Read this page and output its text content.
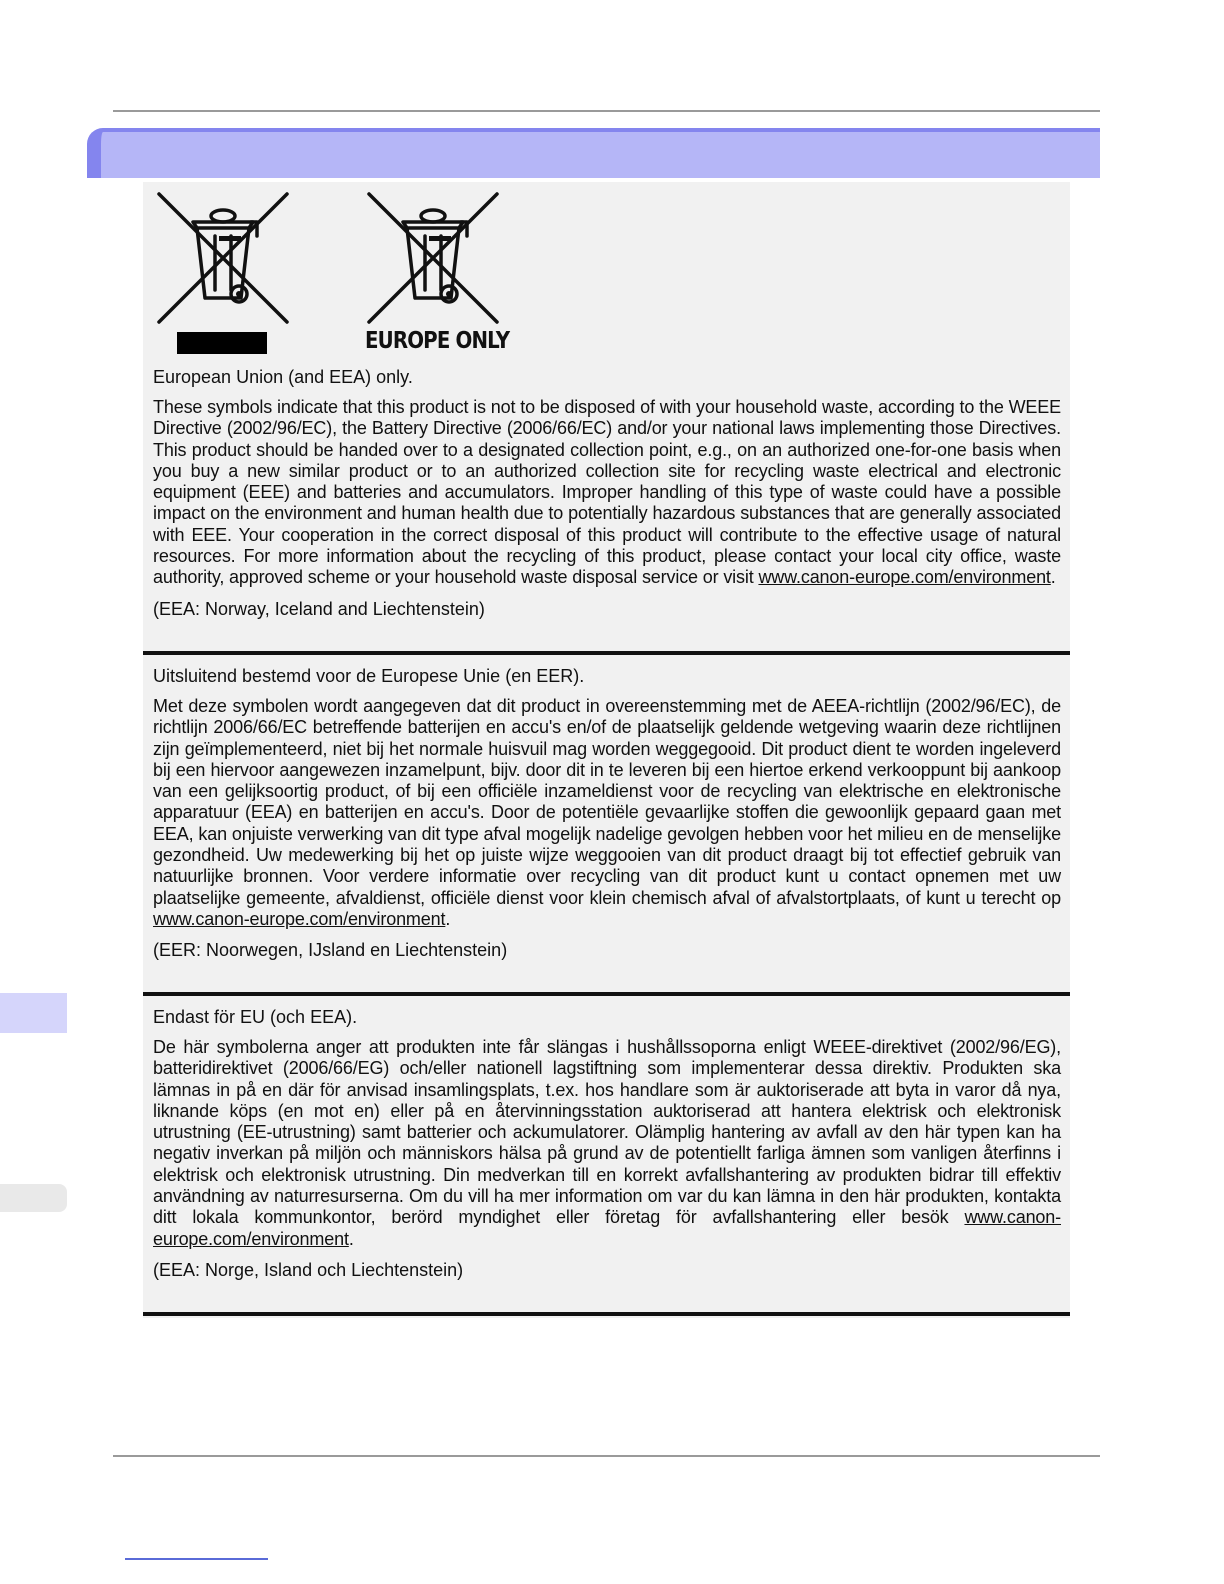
EUROPE ONLY

European Union (and EEA) only.

These symbols indicate that this product is not to be disposed of with your household waste, according to the WEEE Directive (2002/96/EC), the Battery Directive (2006/66/EC) and/or your national laws implementing those Directives. This product should be handed over to a designated collection point, e.g., on an authorized one-for-one basis when you buy a new similar product or to an authorized collection site for recycling waste electrical and electronic equipment (EEE) and batteries and accumulators. Improper handling of this type of waste could have a possible impact on the environment and human health due to potentially hazardous substances that are generally associated with EEE. Your cooperation in the correct disposal of this product will contribute to the effective usage of natural resources. For more information about the recycling of this product, please contact your local city office, waste authority, approved scheme or your household waste disposal service or visit www.canon-europe.com/environment.

(EEA: Norway, Iceland and Liechtenstein)

Uitsluitend bestemd voor de Europese Unie (en EER).

Met deze symbolen wordt aangegeven dat dit product in overeenstemming met de AEEA-richtlijn (2002/96/EC), de richtlijn 2006/66/EC betreffende batterijen en accu's en/of de plaatselijk geldende wetgeving waarin deze richtlijnen zijn geïmplementeerd, niet bij het normale huisvuil mag worden weggegooid. Dit product dient te worden ingeleverd bij een hiervoor aangewezen inzamelpunt, bijv. door dit in te leveren bij een hiertoe erkend verkooppunt bij aankoop van een gelijksoortig product, of bij een officiële inzameldienst voor de recycling van elektrische en elektronische apparatuur (EEA) en batterijen en accu's. Door de potentiële gevaarlijke stoffen die gewoonlijk gepaard gaan met EEA, kan onjuiste verwerking van dit type afval mogelijk nadelige gevolgen hebben voor het milieu en de menselijke gezondheid. Uw medewerking bij het op juiste wijze weggooien van dit product draagt bij tot effectief gebruik van natuurlijke bronnen. Voor verdere informatie over recycling van dit product kunt u contact opnemen met uw plaatselijke gemeente, afvaldienst, officiële dienst voor klein chemisch afval of afvalstortplaats, of kunt u terecht op www.canon-europe.com/environment.

(EER: Noorwegen, IJsland en Liechtenstein)

Endast för EU (och EEA).

De här symbolerna anger att produkten inte får slängas i hushållssoporna enligt WEEE-direktivet (2002/96/EG), batteridirektivet (2006/66/EG) och/eller nationell lagstiftning som implementerar dessa direktiv. Produkten ska lämnas in på en där för anvisad insamlingsplats, t.ex. hos handlare som är auktoriserade att byta in varor då nya, liknande köps (en mot en) eller på en återvinningsstation auktoriserad att hantera elektrisk och elektronisk utrustning (EE-utrustning) samt batterier och ackumulatorer. Olämplig hantering av avfall av den här typen kan ha negativ inverkan på miljön och människors hälsa på grund av de potentiellt farliga ämnen som vanligen återfinns i elektrisk och elektronisk utrustning. Din medverkan till en korrekt avfallshantering av produkten bidrar till effektiv användning av naturresurserna. Om du vill ha mer information om var du kan lämna in den här produkten, kontakta ditt lokala kommunkontor, berörd myndighet eller företag för avfallshantering eller besök www.canon-europe.com/environment.

(EEA: Norge, Island och Liechtenstein)
